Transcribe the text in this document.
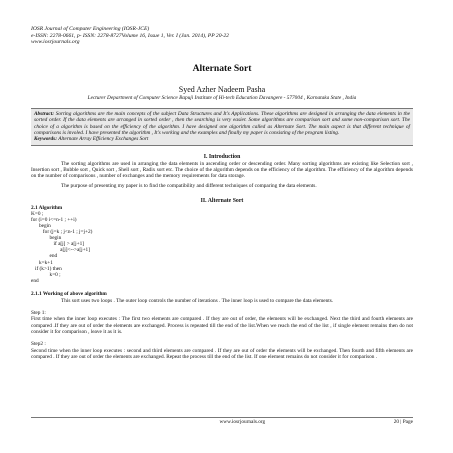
IOSR Journal of Computer Engineering (IOSR-JCE)
e-ISSN: 2278-0661, p- ISSN: 2278-8727Volume 16, Issue 1, Ver. I (Jan. 2014), PP 20-22
www.iosrjournals.org
Alternate Sort
Syed Azher Nadeem Pasha
Lecturer Department of Computer Science Bapuji Institute of Hi-tech Education Davangere - 577004 , Karnataka State , India
Abstract: Sorting algorithms are the main concepts of the subject Data Structures and It's Applications. These algorithms are designed in arranging the data elements in the sorted order. If the data elements are arranged in sorted order , then the searching is very easier. Some algorithms are comparison sort and some non-comparison sort. The choice of a algorithm is based on the efficiency of the algorithm. I have designed one algorithm called as Alternate Sort. The main aspect is that different technique of comparisons is involed. I have presented the algorithm , It's working and the examples and finally my paper is consisting of the program listing.
Keywords: Alternate Array Efficiency Exchanges Sort
I. Introduction
The sorting algorithms are used in arranging the data elements in ascending order or descending order. Many sorting algorithms are existing like Selection sort , Insertion sort , Bubble sort , Quick sort , Shell sort , Radix sort etc. The choice of the algorithm depends on the efficiency of the algorithm. The efficiency of the algorithm depends on the number of comparisons , number of exchanges and the memory requirements for data storage.
The purpose of presenting my paper is to find the compatibility and different techniques of comparing the data elements.
II. Alternate Sort
2.1 Algorithm
K=0 ;
for (i=0 i<=n-1 ; ++i)
begin
for (j=k ; j<n-1 ; j=j+2)
begin
if a[j] > a[j+1]
a[j]<-->a[j+1]
end
k=k+1
if (k>1) then
k=0 ;
end
2.1.1 Working of above algorithm
This sort uses two loops . The outer loop controls the number of iterations . The inner loop is used to compare the data elements.
Step 1:
First time when the inner loop executes : The first two elements are compared . If they are out of order, the elements will be exchanged. Next the third and fourth elements are compared .If they are out of order the elements are exchanged. Process is repeated till the end of the list.When we reach the end of the list , if single element remains then do not consider it for comparison , leave it as it is.
Step2 :
Second time when the inner loop executes : second and third elements are compared . If they are out of order the elements will be exchanged. Then fourth and fifth elements are compared . If they are out of order the elements are exchanged. Repeat the process till the end of the list. If one element remains do not consider it for comparison .
www.iosrjournals.org	20 | Page
